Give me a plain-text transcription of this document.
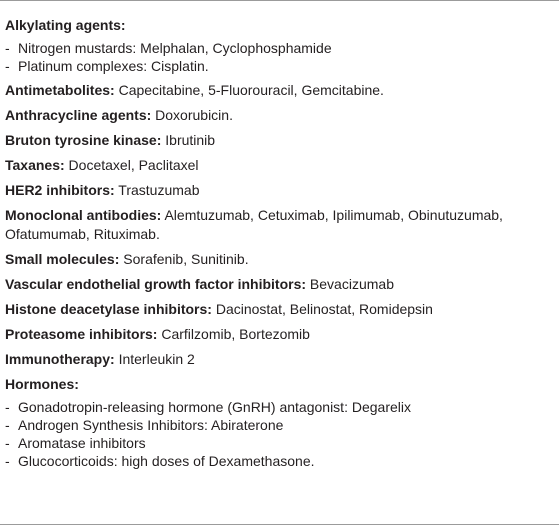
Alkylating agents:

- Nitrogen mustards: Melphalan, Cyclophosphamide

- Platinum complexes: Cisplatin.

Antimetabolites: Capecitabine, 5-Fluorouracil, Gemcitabine.

Anthracycline agents: Doxorubicin.

Bruton tyrosine kinase: Ibrutinib

Taxanes: Docetaxel, Paclitaxel

HER2 inhibitors: Trastuzumab

Monoclonal antibodies: Alemtuzumab, Cetuximab, Ipilimumab, Obinutuzumab, Ofatumumab, Rituximab.

Small molecules: Sorafenib, Sunitinib.

Vascular endothelial growth factor inhibitors: Bevacizumab

Histone deacetylase inhibitors: Dacinostat, Belinostat, Romidepsin

Proteasome inhibitors: Carfilzomib, Bortezomib

Immunotherapy: Interleukin 2

Hormones:

- Gonadotropin-releasing hormone (GnRH) antagonist: Degarelix

- Androgen Synthesis Inhibitors: Abiraterone

- Aromatase inhibitors

- Glucocorticoids: high doses of Dexamethasone.
